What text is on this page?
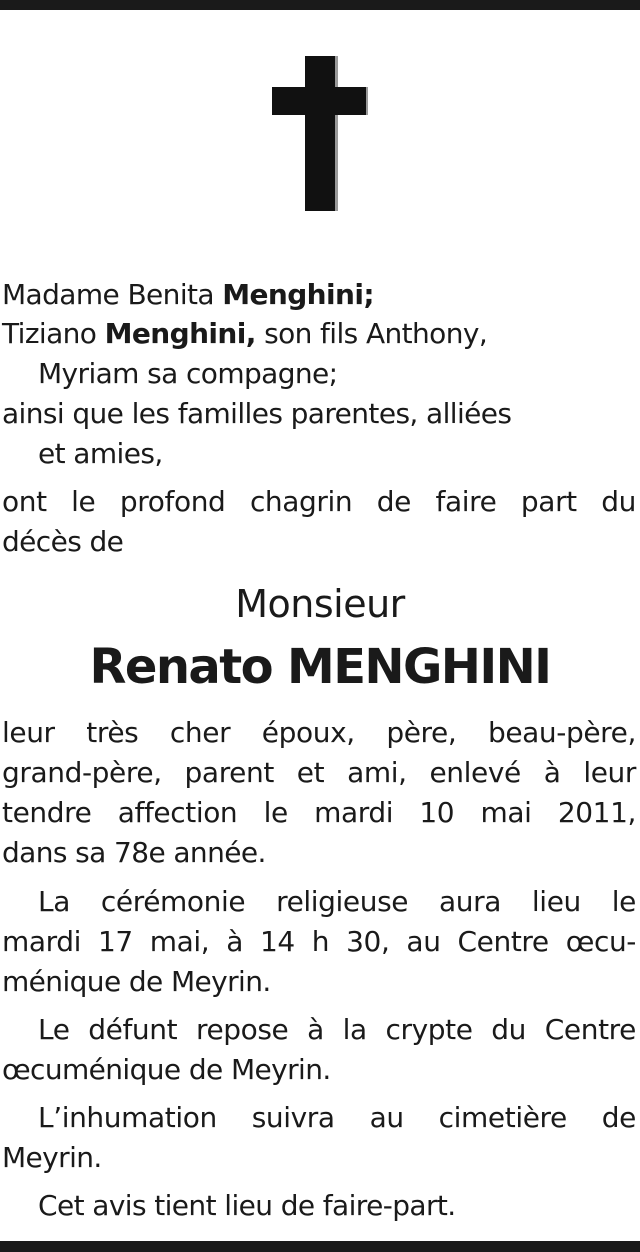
Madame Benita Menghini;
Tiziano Menghini, son fils Anthony,
Myriam sa compagne;
ainsi que les familles parentes, alliées
et amies,
ont le profond chagrin de faire part du
décès de
Monsieur
Renato MENGHINI
leur très cher époux, père, beau-père,
grand-père, parent et ami, enlevé à leur
tendre affection le mardi 10 mai 2011,
dans sa 78e année.
La cérémonie religieuse aura lieu le
mardi 17 mai, à 14 h 30, au Centre œcu-
ménique de Meyrin.
Le défunt repose à la crypte du Centre
œcuménique de Meyrin.
L’inhumation suivra au cimetière de
Meyrin.
Cet avis tient lieu de faire-part.
